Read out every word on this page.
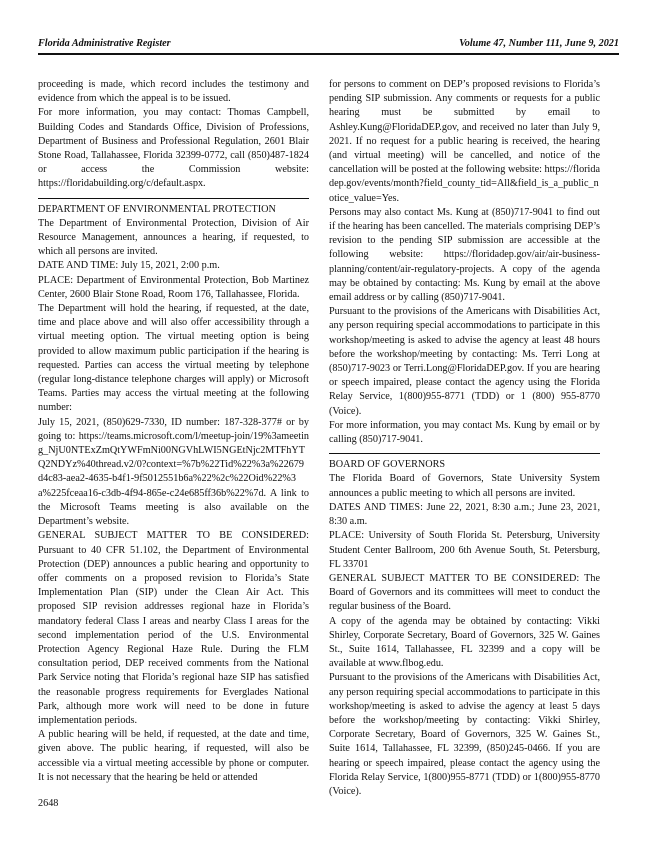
Florida Administrative Register	Volume 47, Number 111, June 9, 2021

proceeding is made, which record includes the testimony and evidence from which the appeal is to be issued.

For more information, you may contact: Thomas Campbell, Building Codes and Standards Office, Division of Professions, Department of Business and Professional Regulation, 2601 Blair Stone Road, Tallahassee, Florida 32399-0772, call (850)487-1824 or access the Commission website: https://floridabuilding.org/c/default.aspx.

DEPARTMENT OF ENVIRONMENTAL PROTECTION

The Department of Environmental Protection, Division of Air Resource Management, announces a hearing, if requested, to which all persons are invited.

DATE AND TIME: July 15, 2021, 2:00 p.m.

PLACE: Department of Environmental Protection, Bob Martinez Center, 2600 Blair Stone Road, Room 176, Tallahassee, Florida.

The Department will hold the hearing, if requested, at the date, time and place above and will also offer accessibility through a virtual meeting option. The virtual meeting option is being provided to allow maximum public participation if the hearing is requested. Parties can access the virtual meeting by telephone (regular long-distance telephone charges will apply) or Microsoft Teams. Parties may access the virtual meeting at the following number:

July 15, 2021, (850)629-7330, ID number: 187-328-377# or by going to: https://teams.microsoft.com/l/meetup-join/19%3ameeting_NjU0NTExZmQtYWFmNi00NGVhLWI5NGEtNjc2MTFhYTQ2NDYz%40thread.v2/0?context=%7b%22Tid%22%3a%22679d4c83-aea2-4635-b4f1-9f5012551b6a%22%2c%22Oid%22%3a%225fceaa16-c3db-4f94-865e-c24e685ff36b%22%7d. A link to the Microsoft Teams meeting is also available on the Department’s website.

GENERAL SUBJECT MATTER TO BE CONSIDERED: Pursuant to 40 CFR 51.102, the Department of Environmental Protection (DEP) announces a public hearing and opportunity to offer comments on a proposed revision to Florida’s State Implementation Plan (SIP) under the Clean Air Act. This proposed SIP revision addresses regional haze in Florida’s mandatory federal Class I areas and nearby Class I areas for the second implementation period of the U.S. Environmental Protection Agency Regional Haze Rule. During the FLM consultation period, DEP received comments from the National Park Service noting that Florida’s regional haze SIP has satisfied the reasonable progress requirements for Everglades National Park, although more work will need to be done in future implementation periods.

A public hearing will be held, if requested, at the date and time, given above. The public hearing, if requested, will also be accessible via a virtual meeting accessible by phone or computer. It is not necessary that the hearing be held or attended

for persons to comment on DEP’s proposed revisions to Florida’s pending SIP submission. Any comments or requests for a public hearing must be submitted by email to Ashley.Kung@FloridaDEP.gov, and received no later than July 9, 2021. If no request for a public hearing is received, the hearing (and virtual meeting) will be cancelled, and notice of the cancellation will be posted at the following website: https://floridadep.gov/events/month?field_county_tid=All&field_is_a_public_notice_value=Yes.

Persons may also contact Ms. Kung at (850)717-9041 to find out if the hearing has been cancelled. The materials comprising DEP’s revision to the pending SIP submission are accessible at the following website: https://floridadep.gov/air/air-business-planning/content/air-regulatory-projects. A copy of the agenda may be obtained by contacting: Ms. Kung by email at the above email address or by calling (850)717-9041.

Pursuant to the provisions of the Americans with Disabilities Act, any person requiring special accommodations to participate in this workshop/meeting is asked to advise the agency at least 48 hours before the workshop/meeting by contacting: Ms. Terri Long at (850)717-9023 or Terri.Long@FloridaDEP.gov. If you are hearing or speech impaired, please contact the agency using the Florida Relay Service, 1(800)955-8771 (TDD) or 1 (800) 955-8770 (Voice).

For more information, you may contact Ms. Kung by email or by calling (850)717-9041.

BOARD OF GOVERNORS

The Florida Board of Governors, State University System announces a public meeting to which all persons are invited.

DATES AND TIMES: June 22, 2021, 8:30 a.m.; June 23, 2021, 8:30 a.m.

PLACE: University of South Florida St. Petersburg, University Student Center Ballroom, 200 6th Avenue South, St. Petersburg, FL 33701

GENERAL SUBJECT MATTER TO BE CONSIDERED: The Board of Governors and its committees will meet to conduct the regular business of the Board.

A copy of the agenda may be obtained by contacting: Vikki Shirley, Corporate Secretary, Board of Governors, 325 W. Gaines St., Suite 1614, Tallahassee, FL 32399 and a copy will be available at www.flbog.edu.

Pursuant to the provisions of the Americans with Disabilities Act, any person requiring special accommodations to participate in this workshop/meeting is asked to advise the agency at least 5 days before the workshop/meeting by contacting: Vikki Shirley, Corporate Secretary, Board of Governors, 325 W. Gaines St., Suite 1614, Tallahassee, FL 32399, (850)245-0466. If you are hearing or speech impaired, please contact the agency using the Florida Relay Service, 1(800)955-8771 (TDD) or 1(800)955-8770 (Voice).

2648
